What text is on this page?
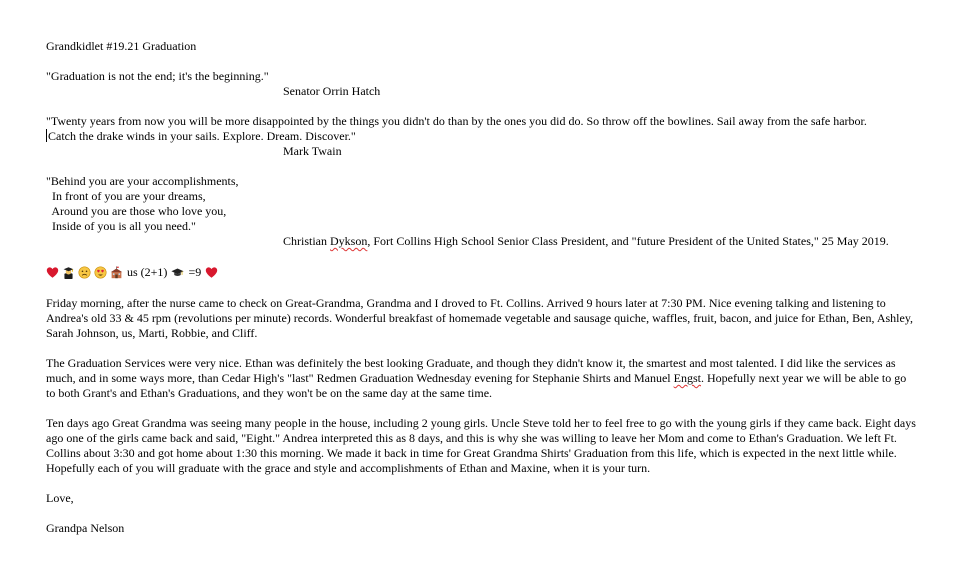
Grandkidlet #19.21 Graduation
"Graduation is not the end; it's the beginning."
Senator Orrin Hatch
"Twenty years from now you will be more disappointed by the things you didn't do than by the ones you did do. So throw off the bowlines. Sail away from the safe harbor.
Catch the drake winds in your sails. Explore. Dream. Discover."
Mark Twain
"Behind you are your accomplishments,
In front of you are your dreams,
Around you are those who love you,
Inside of you is all you need."
Christian Dykson, Fort Collins High School Senior Class President, and "future President of the United States," 25 May 2019.
us (2+1) =9
Friday morning, after the nurse came to check on Great-Grandma, Grandma and I droved to Ft. Collins. Arrived 9 hours later at 7:30 PM. Nice evening talking and listening to Andrea's old 33 & 45 rpm (revolutions per minute) records. Wonderful breakfast of homemade vegetable and sausage quiche, waffles, fruit, bacon, and juice for Ethan, Ben, Ashley, Sarah Johnson, us, Marti, Robbie, and Cliff.
The Graduation Services were very nice. Ethan was definitely the best looking Graduate, and though they didn't know it, the smartest and most talented. I did like the services as much, and in some ways more, than Cedar High's "last" Redmen Graduation Wednesday evening for Stephanie Shirts and Manuel Engst. Hopefully next year we will be able to go to both Grant's and Ethan's Graduations, and they won't be on the same day at the same time.
Ten days ago Great Grandma was seeing many people in the house, including 2 young girls. Uncle Steve told her to feel free to go with the young girls if they came back. Eight days ago one of the girls came back and said, "Eight." Andrea interpreted this as 8 days, and this is why she was willing to leave her Mom and come to Ethan's Graduation. We left Ft. Collins about 3:30 and got home about 1:30 this morning. We made it back in time for Great Grandma Shirts' Graduation from this life, which is expected in the next little while. Hopefully each of you will graduate with the grace and style and accomplishments of Ethan and Maxine, when it is your turn.
Love,
Grandpa Nelson
